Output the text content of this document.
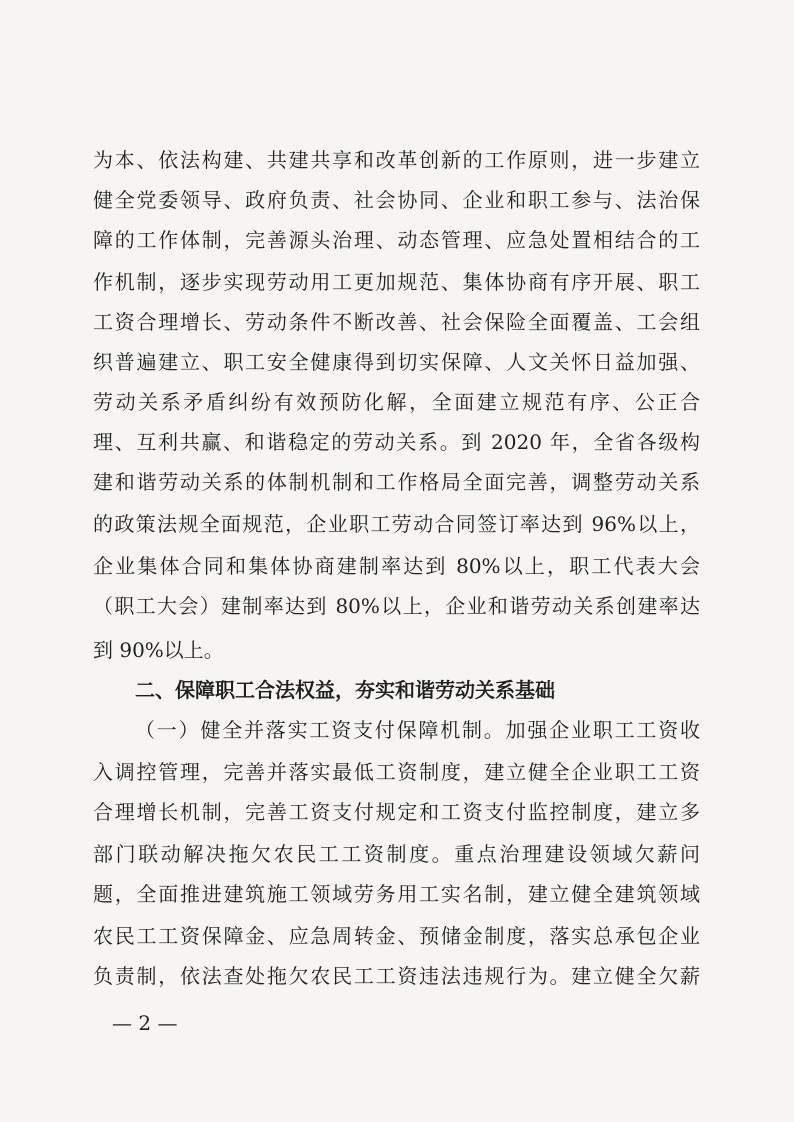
为本、依法构建、共建共享和改革创新的工作原则，进一步建立
健全党委领导、政府负责、社会协同、企业和职工参与、法治保
障的工作体制，完善源头治理、动态管理、应急处置相结合的工
作机制，逐步实现劳动用工更加规范、集体协商有序开展、职工
工资合理增长、劳动条件不断改善、社会保险全面覆盖、工会组
织普遍建立、职工安全健康得到切实保障、人文关怀日益加强、
劳动关系矛盾纠纷有效预防化解，全面建立规范有序、公正合
理、互利共赢、和谐稳定的劳动关系。到 2020 年，全省各级构
建和谐劳动关系的体制机制和工作格局全面完善，调整劳动关系
的政策法规全面规范，企业职工劳动合同签订率达到 96%以上，
企业集体合同和集体协商建制率达到 80%以上，职工代表大会
（职工大会）建制率达到 80%以上，企业和谐劳动关系创建率达
到 90%以上。
二、保障职工合法权益，夯实和谐劳动关系基础
（一）健全并落实工资支付保障机制。加强企业职工工资收
入调控管理，完善并落实最低工资制度，建立健全企业职工工资
合理增长机制，完善工资支付规定和工资支付监控制度，建立多
部门联动解决拖欠农民工工资制度。重点治理建设领域欠薪问
题，全面推进建筑施工领域劳务用工实名制，建立健全建筑领域
农民工工资保障金、应急周转金、预储金制度，落实总承包企业
负责制，依法查处拖欠农民工工资违法违规行为。建立健全欠薪
— 2 —
